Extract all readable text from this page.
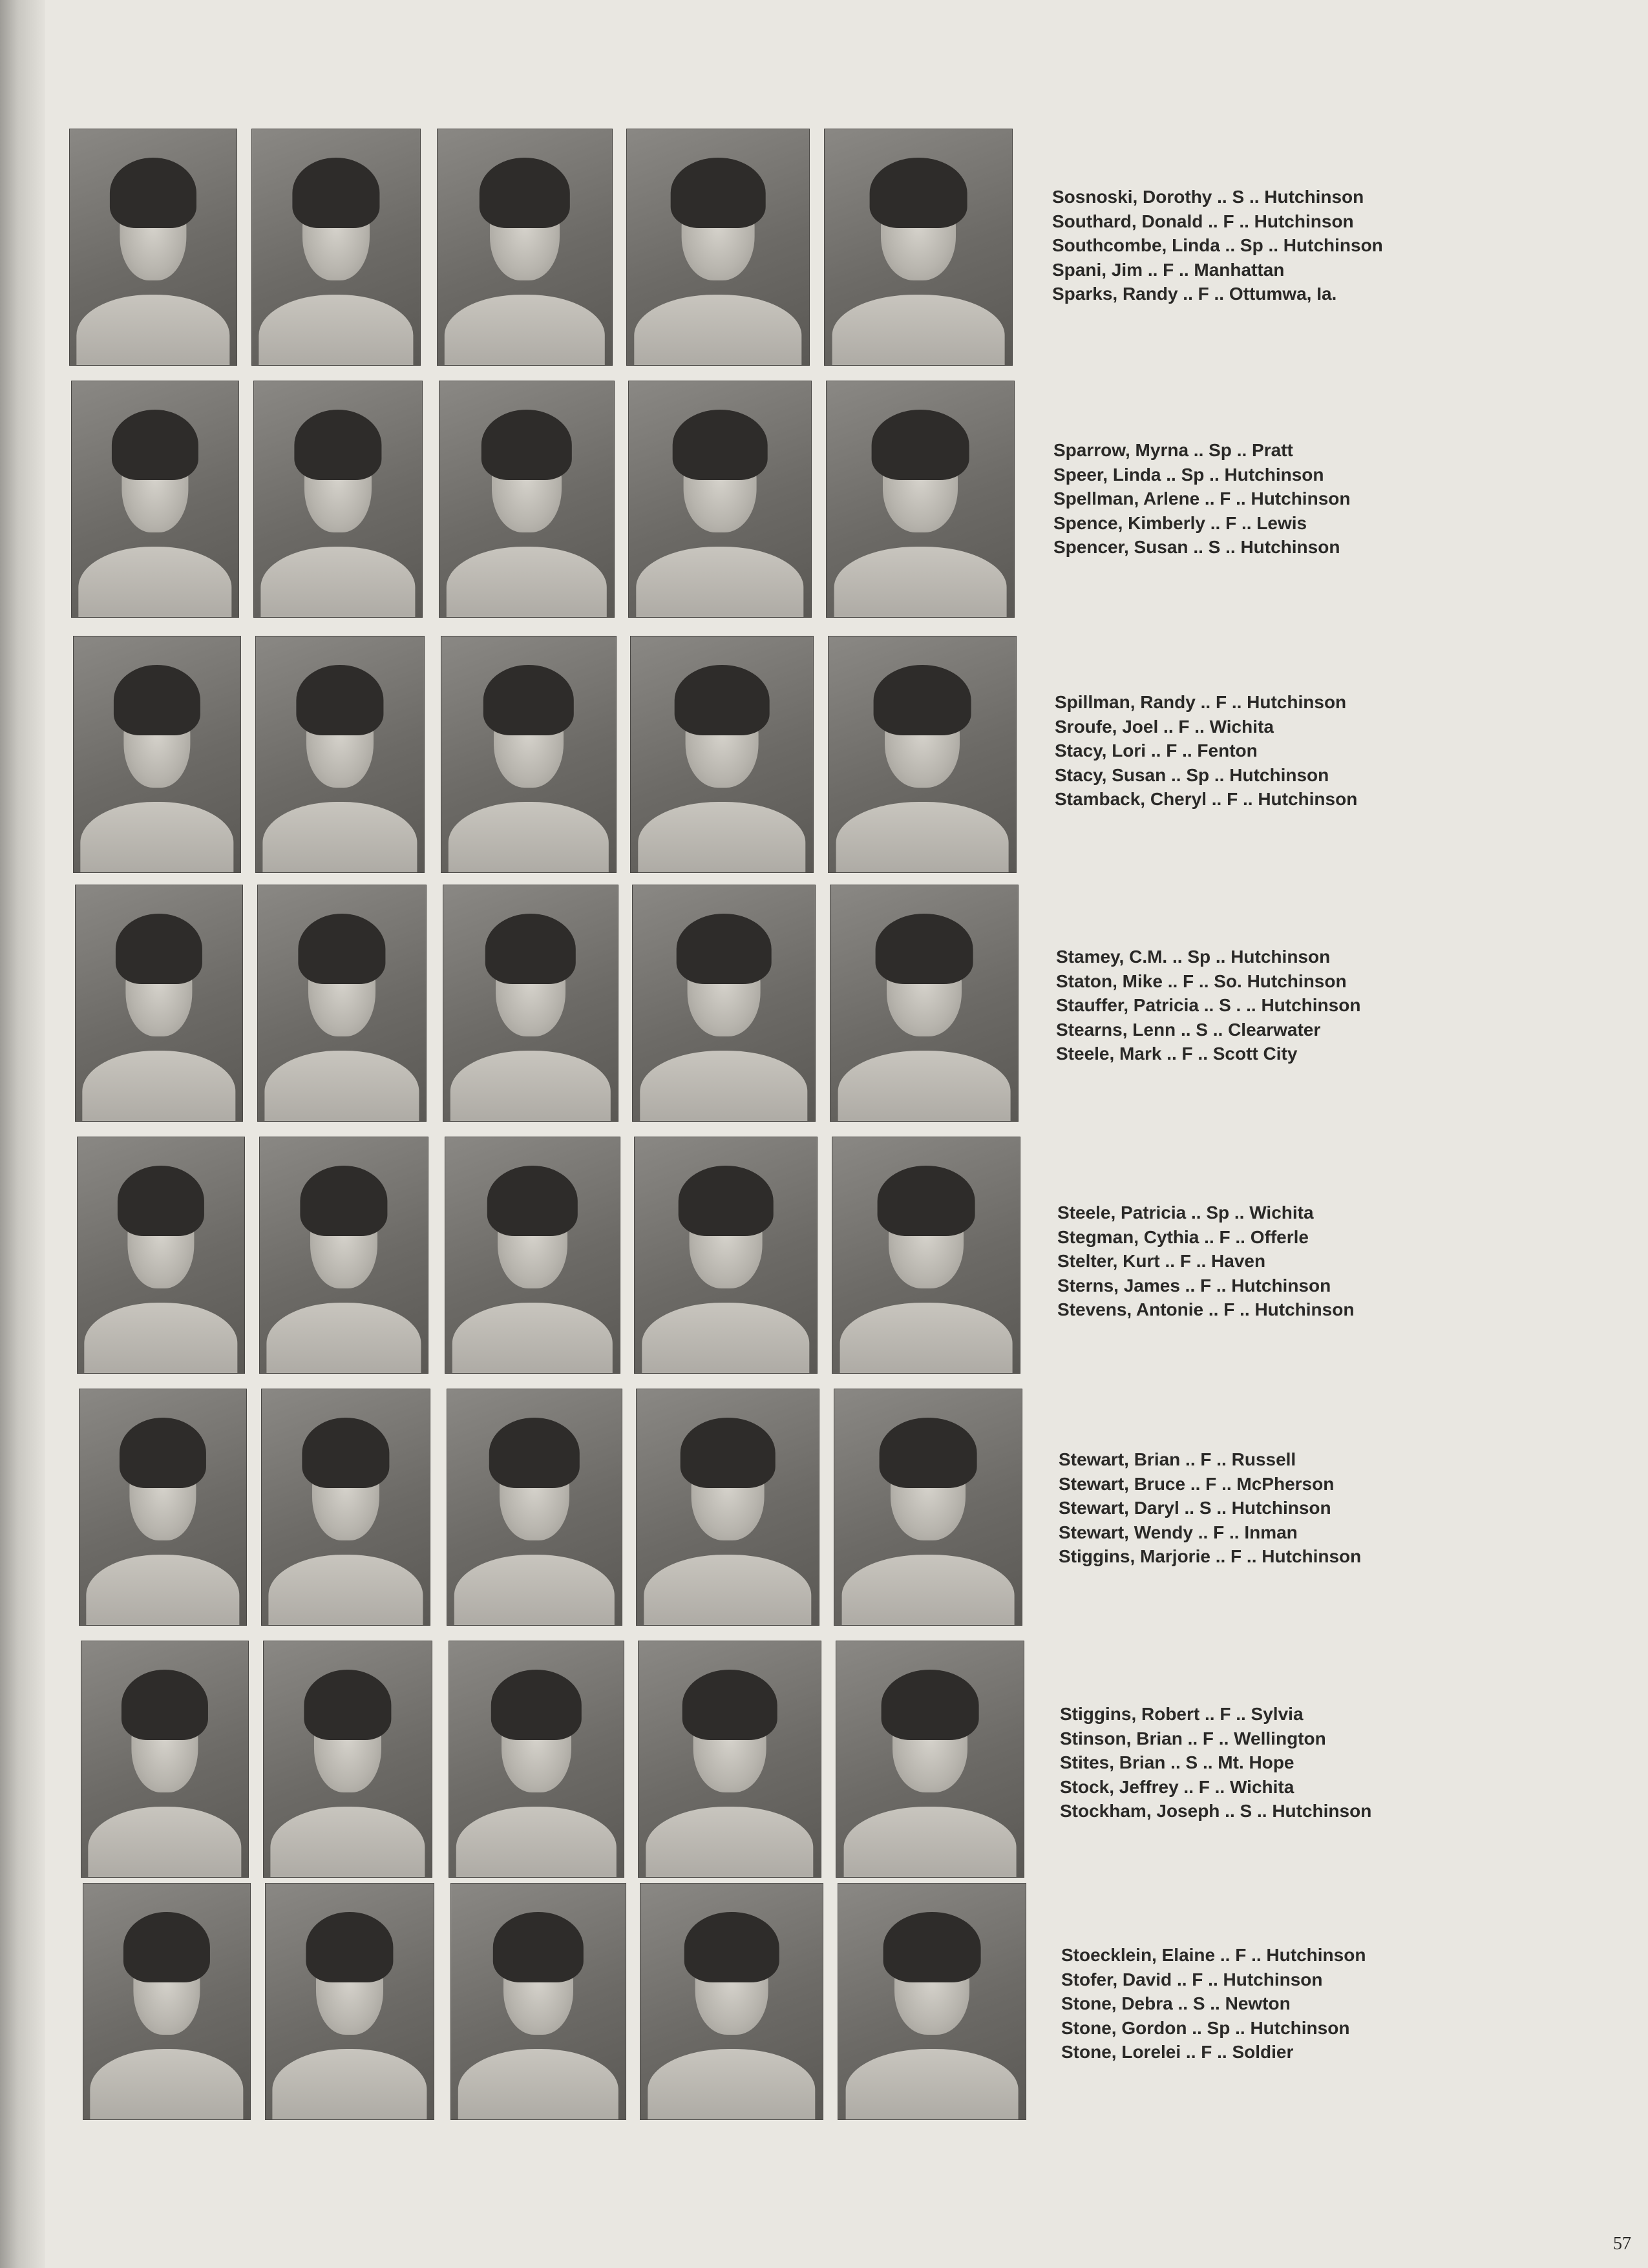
Sosnoski, Dorothy .. S .. Hutchinson
Southard, Donald .. F .. Hutchinson
Southcombe, Linda .. Sp .. Hutchinson
Spani, Jim .. F .. Manhattan
Sparks, Randy .. F .. Ottumwa, Ia.
Sparrow, Myrna .. Sp .. Pratt
Speer, Linda .. Sp .. Hutchinson
Spellman, Arlene .. F .. Hutchinson
Spence, Kimberly .. F .. Lewis
Spencer, Susan .. S .. Hutchinson
Spillman, Randy .. F .. Hutchinson
Sroufe, Joel .. F .. Wichita
Stacy, Lori .. F .. Fenton
Stacy, Susan .. Sp .. Hutchinson
Stamback, Cheryl .. F .. Hutchinson
Stamey, C.M. .. Sp .. Hutchinson
Staton, Mike .. F .. So. Hutchinson
Stauffer, Patricia .. S . .. Hutchinson
Stearns, Lenn .. S .. Clearwater
Steele, Mark .. F .. Scott City
Steele, Patricia .. Sp .. Wichita
Stegman, Cythia .. F .. Offerle
Stelter, Kurt .. F .. Haven
Sterns, James .. F .. Hutchinson
Stevens, Antonie .. F .. Hutchinson
Stewart, Brian .. F .. Russell
Stewart, Bruce .. F .. McPherson
Stewart, Daryl .. S .. Hutchinson
Stewart, Wendy .. F .. Inman
Stiggins, Marjorie .. F .. Hutchinson
Stiggins, Robert .. F .. Sylvia
Stinson, Brian .. F .. Wellington
Stites, Brian .. S .. Mt. Hope
Stock, Jeffrey .. F .. Wichita
Stockham, Joseph .. S .. Hutchinson
Stoecklein, Elaine .. F .. Hutchinson
Stofer, David .. F .. Hutchinson
Stone, Debra .. S .. Newton
Stone, Gordon .. Sp .. Hutchinson
Stone, Lorelei .. F .. Soldier
57
